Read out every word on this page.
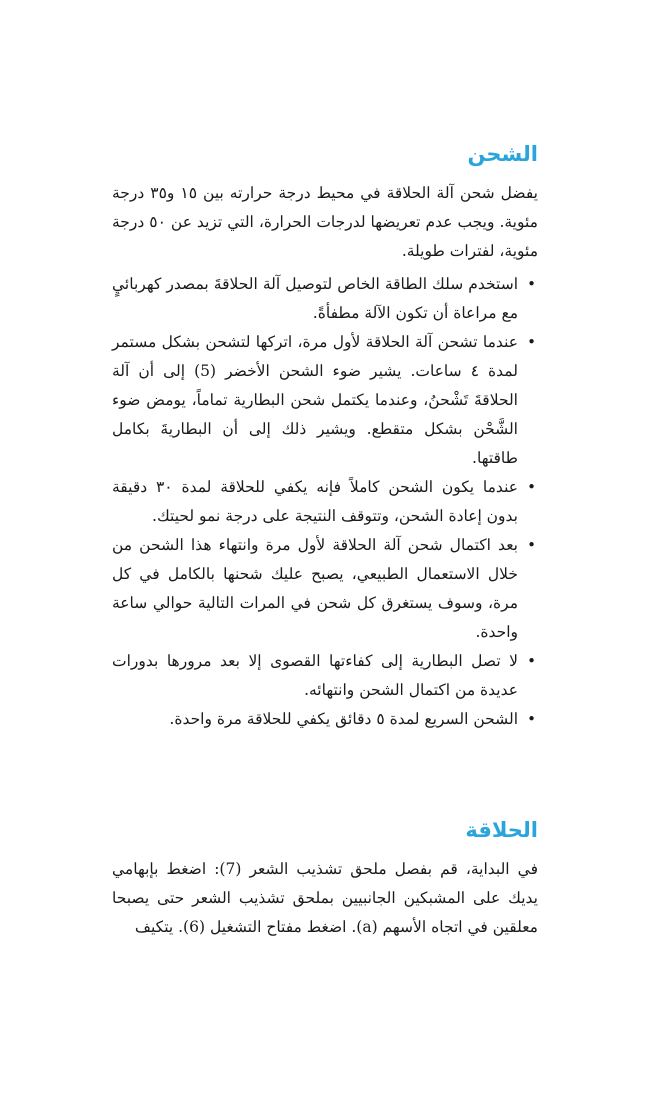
الشحن

يفضل شحن آلة الحلاقة في محيط درجة حرارته بين ١٥ و٣٥ درجة مئوية. ويجب عدم تعريضها لدرجات الحرارة، التي تزيد عن ٥٠ درجة مئوية، لفترات طويلة.

•
استخدم سلك الطاقة الخاص لتوصيل آلة الحلاقةَ بمصدر كهربائيٍ مع مراعاة أن تكون الآلة مطفأةً.
•
عندما تشحن آلة الحلاقة لأول مرة، اتركها لتشحن بشكل مستمر لمدة ٤ ساعات. يشير ضوء الشحن الأخضر (5) إلى أن آلة الحلاقةَ تَشْحنُ، وعندما يكتمل شحن البطارية تماماً، يومض ضوء الشَّحْن بشكل متقطع. ويشير ذلك إلى أن البطاريةَ بكامل طاقتها.
•
عندما يكون الشحن كاملاً فإنه يكفي للحلاقة لمدة ٣٠ دقيقة بدون إعادة الشحن، وتتوقف النتيجة على درجة نمو لحيتك.
•
بعد اكتمال شحن آلة الحلاقة لأول مرة وانتهاء هذا الشحن من خلال الاستعمال الطبيعي، يصبح عليك شحنها بالكامل في كل مرة، وسوف يستغرق كل شحن في المرات التالية حوالي ساعة واحدة.
•
لا تصل البطارية إلى كفاءتها القصوى إلا بعد مرورها بدورات عديدة من اكتمال الشحن وانتهائه.
•
الشحن السريع لمدة ٥ دقائق يكفي للحلاقة مرة واحدة.
الحلاقة

في البداية، قم بفصل ملحق تشذيب الشعر (7): اضغط بإبهامي يديك على المشبكين الجانبيين بملحق تشذيب الشعر حتى يصبحا معلقين في اتجاه الأسهم (a). اضغط مفتاح التشغيل (6). يتكيف
